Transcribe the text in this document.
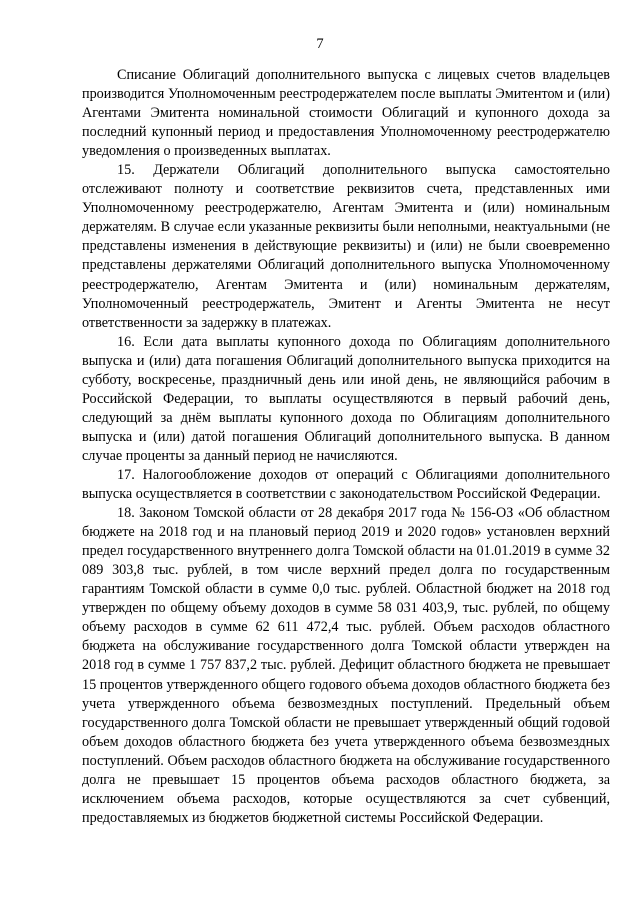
7

Списание Облигаций дополнительного выпуска с лицевых счетов владельцев производится Уполномоченным реестродержателем после выплаты Эмитентом и (или) Агентами Эмитента номинальной стоимости Облигаций и купонного дохода за последний купонный период и предоставления Уполномоченному реестродержателю уведомления о произведенных выплатах.

15. Держатели Облигаций дополнительного выпуска самостоятельно отслеживают полноту и соответствие реквизитов счета, представленных ими Уполномоченному реестродержателю, Агентам Эмитента и (или) номинальным держателям. В случае если указанные реквизиты были неполными, неактуальными (не представлены изменения в действующие реквизиты) и (или) не были своевременно представлены держателями Облигаций дополнительного выпуска Уполномоченному реестродержателю, Агентам Эмитента и (или) номинальным держателям, Уполномоченный реестродержатель, Эмитент и Агенты Эмитента не несут ответственности за задержку в платежах.

16. Если дата выплаты купонного дохода по Облигациям дополнительного выпуска и (или) дата погашения Облигаций дополнительного выпуска приходится на субботу, воскресенье, праздничный день или иной день, не являющийся рабочим в Российской Федерации, то выплаты осуществляются в первый рабочий день, следующий за днём выплаты купонного дохода по Облигациям дополнительного выпуска и (или) датой погашения Облигаций дополнительного выпуска. В данном случае проценты за данный период не начисляются.

17. Налогообложение доходов от операций с Облигациями дополнительного выпуска осуществляется в соответствии с законодательством Российской Федерации.

18. Законом Томской области от 28 декабря 2017 года № 156-ОЗ «Об областном бюджете на 2018 год и на плановый период 2019 и 2020 годов» установлен верхний предел государственного внутреннего долга Томской области на 01.01.2019 в сумме 32 089 303,8 тыс. рублей, в том числе верхний предел долга по государственным гарантиям Томской области в сумме 0,0 тыс. рублей. Областной бюджет на 2018 год утвержден по общему объему доходов в сумме 58 031 403,9, тыс. рублей, по общему объему расходов в сумме 62 611 472,4 тыс. рублей. Объем расходов областного бюджета на обслуживание государственного долга Томской области утвержден на 2018 год в сумме 1 757 837,2 тыс. рублей. Дефицит областного бюджета не превышает 15 процентов утвержденного общего годового объема доходов областного бюджета без учета утвержденного объема безвозмездных поступлений. Предельный объем государственного долга Томской области не превышает утвержденный общий годовой объем доходов областного бюджета без учета утвержденного объема безвозмездных поступлений. Объем расходов областного бюджета на обслуживание государственного долга не превышает 15 процентов объема расходов областного бюджета, за исключением объема расходов, которые осуществляются за счет субвенций, предоставляемых из бюджетов бюджетной системы Российской Федерации.
